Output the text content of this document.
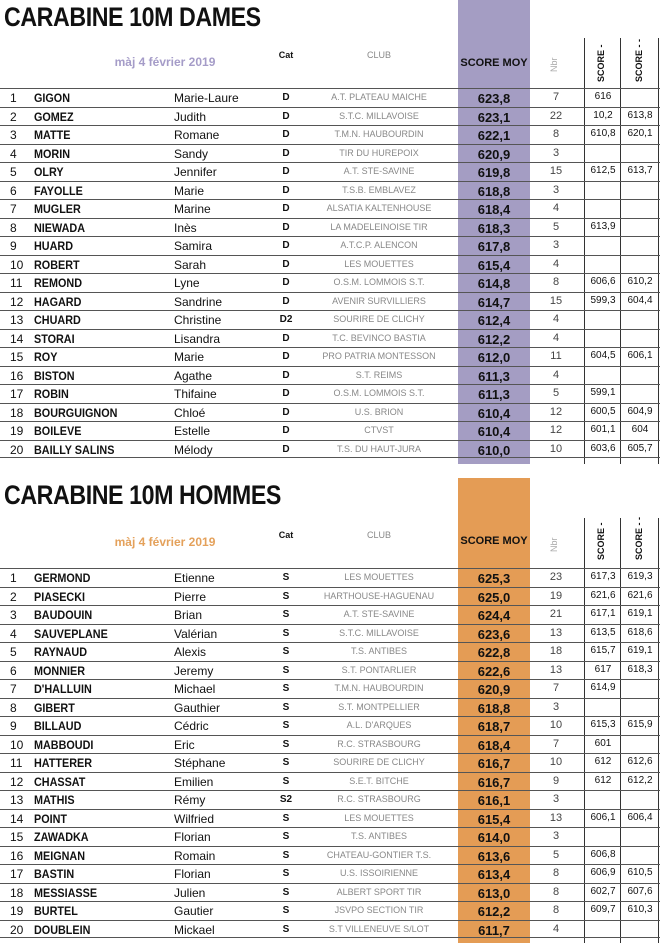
CARABINE 10M DAMES
màj 4 février 2019	Cat	CLUB
SCORE MOY Nbr	SCORE -	SCORE - -
1	GIGON	Marie-Laure	D	A.T. PLATEAU MAICHE	623,8	7	616
2	GOMEZ	Judith	D	S.T.C. MILLAVOISE	623,1	22	10,2	613,8
3	MATTE	Romane	D	T.M.N. HAUBOURDIN	622,1	8	610,8	620,1
4	MORIN	Sandy	D	TIR DU HUREPOIX	620,9	3
5	OLRY	Jennifer	D	A.T. STE-SAVINE	619,8	15	612,5	613,7
6	FAYOLLE	Marie	D	T.S.B. EMBLAVEZ	618,8	3
7	MUGLER	Marine	D	ALSATIA KALTENHOUSE	618,4	4
8	NIEWADA	Inès	D	LA MADELEINOISE TIR	618,3	5	613,9
9	HUARD	Samira	D	A.T.C.P. ALENCON	617,8	3
10 ROBERT	Sarah	D	LES MOUETTES	615,4	4
11 REMOND	Lyne	D	O.S.M. LOMMOIS S.T.	614,8	8	606,6	610,2
12 HAGARD	Sandrine	D	AVENIR SURVILLIERS	614,7	15	599,3	604,4
13 CHUARD	Christine	D2	SOURIRE DE CLICHY	612,4	4
14 STORAI	Lisandra	D	T.C. BEVINCO BASTIA	612,2	4
15 ROY	Marie	D	PRO PATRIA MONTESSON	612,0	11	604,5	606,1
16 BISTON	Agathe	D	S.T. REIMS	611,3	4
17 ROBIN	Thifaine	D	O.S.M. LOMMOIS S.T.	611,3	5	599,1
18 BOURGUIGNON	Chloé	D	U.S. BRION	610,4	12	600,5	604,9
19 BOILEVE	Estelle	D	CTVST	610,4	12	601,1	604
20 BAILLY SALINS	Mélody	D	T.S. DU HAUT-JURA	610,0	10	603,6	605,7
CARABINE 10M HOMMES
màj 4 février 2019	Cat	CLUB	SCORE MOY Nbr	SCORE -	SCORE - -
1	GERMOND	Etienne	S	LES MOUETTES	625,3	23	617,3	619,3
2	PIASECKI	Pierre	S	HARTHOUSE-HAGUENAU	625,0	19	621,6	621,6
3	BAUDOUIN	Brian	S	A.T. STE-SAVINE	624,4	21	617,1	619,1
4	SAUVEPLANE	Valérian	S	S.T.C. MILLAVOISE	623,6	13	613,5	618,6
5	RAYNAUD	Alexis	S	T.S. ANTIBES	622,8	18	615,7	619,1
6	MONNIER	Jeremy	S	S.T. PONTARLIER	622,6	13	617	618,3
7	D'HALLUIN	Michael	S	T.M.N. HAUBOURDIN	620,9	7	614,9
8	GIBERT	Gauthier	S	S.T. MONTPELLIER	618,8	3
9	BILLAUD	Cédric	S	A.L. D'ARQUES	618,7	10	615,3	615,9
10 MABBOUDI	Eric	S	R.C. STRASBOURG	618,4	7	601
11 HATTERER	Stéphane	S	SOURIRE DE CLICHY	616,7	10	612	612,6
12 CHASSAT	Emilien	S	S.E.T. BITCHE	616,7	9	612	612,2
13 MATHIS	Rémy	S2	R.C. STRASBOURG	616,1	3
14 POINT	Wilfried	S	LES MOUETTES	615,4	13	606,1	606,4
15 ZAWADKA	Florian	S	T.S. ANTIBES	614,0	3
16 MEIGNAN	Romain	S	CHATEAU-GONTIER T.S.	613,6	5	606,8
17 BASTIN	Florian	S	U.S. ISSOIRIENNE	613,4	8	606,9	610,5
18 MESSIASSE	Julien	S	ALBERT SPORT TIR	613,0	8	602,7	607,6
19 BURTEL	Gautier	S	JSVPO SECTION TIR	612,2	8	609,7	610,3
20 DOUBLEIN	Mickael	S	S.T VILLENEUVE S/LOT	611,7	4
